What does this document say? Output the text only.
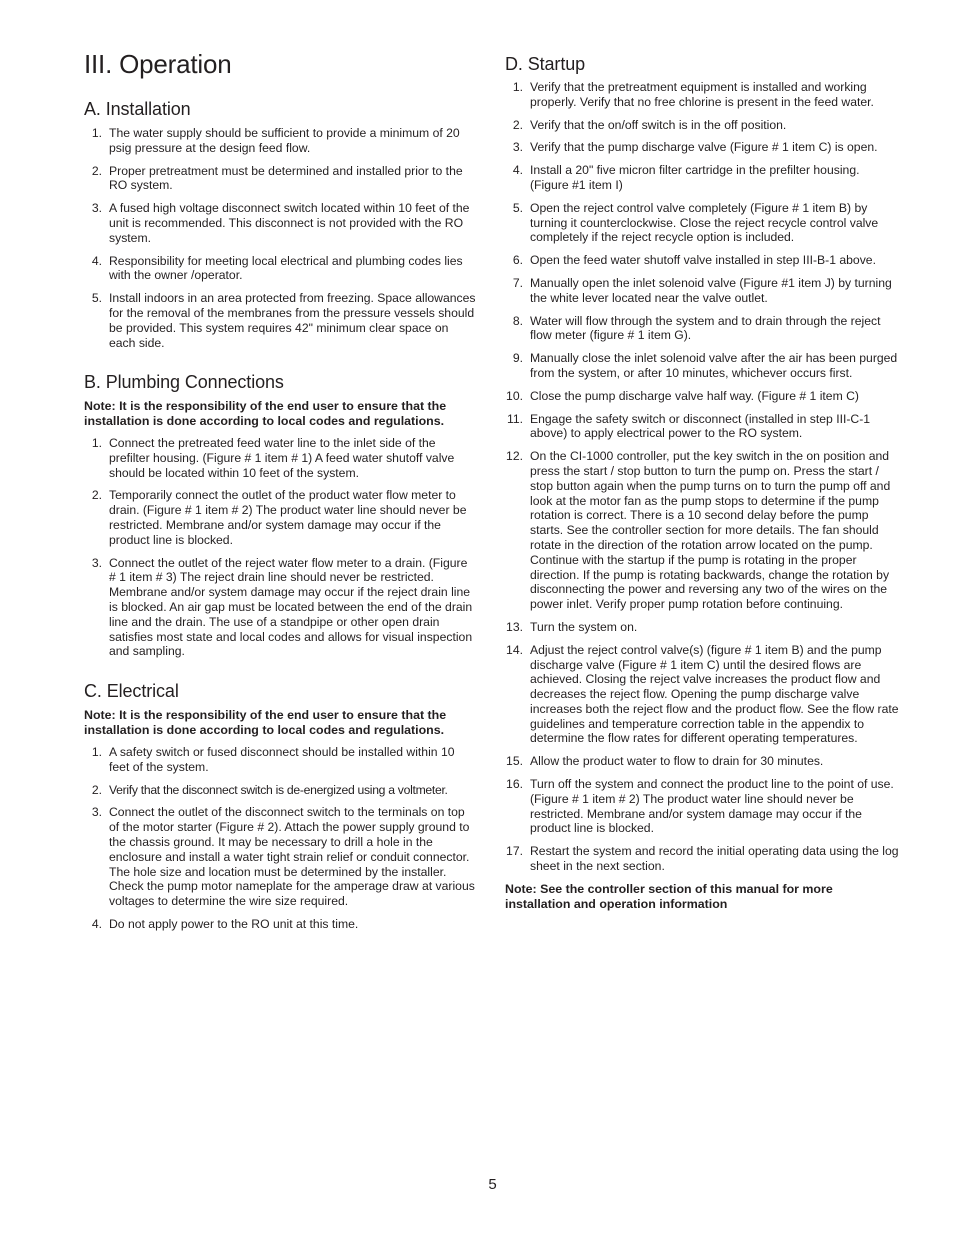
III. Operation
A. Installation
1. The water supply should be sufficient to provide a minimum of 20 psig pressure at the design feed flow.
2. Proper pretreatment must be determined and installed prior to the RO system.
3. A fused high voltage disconnect switch located within 10 feet of the unit is recommended. This disconnect is not provided with the RO system.
4. Responsibility for meeting local electrical and plumbing codes lies with the owner /operator.
5. Install indoors in an area protected from freezing. Space allowances for the removal of the membranes from the pressure vessels should be provided. This system requires 42" minimum clear space on each side.
B. Plumbing Connections

Note: It is the responsibility of the end user to ensure that the installation is done according to local codes and regulations.

1. Connect the pretreated feed water line to the inlet side of the prefilter housing. (Figure # 1 item # 1) A feed water shutoff valve should be located within 10 feet of the system.
2. Temporarily connect the outlet of the product water flow meter to drain. (Figure # 1 item # 2) The product water line should never be restricted. Membrane and/or system damage may occur if the product line is blocked.
3. Connect the outlet of the reject water flow meter to a drain. (Figure # 1 item # 3) The reject drain line should never be restricted. Membrane and/or system damage may occur if the reject drain line is blocked. An air gap must be located between the end of the drain line and the drain. The use of a standpipe or other open drain satisfies most state and local codes and allows for visual inspection and sampling.
C. Electrical

Note: It is the responsibility of the end user to ensure that the installation is done according to local codes and regulations.

1. A safety switch or fused disconnect should be installed within 10 feet of the system.
2. Verify that the disconnect switch is de-energized using a voltmeter.
3. Connect the outlet of the disconnect switch to the terminals on top of the motor starter (Figure # 2). Attach the power supply ground to the chassis ground. It may be necessary to drill a hole in the enclosure and install a water tight strain relief or conduit connector. The hole size and location must be determined by the installer. Check the pump motor nameplate for the amperage draw at various voltages to determine the wire size required.
4. Do not apply power to the RO unit at this time.
D. Startup
1. Verify that the pretreatment equipment is installed and working properly. Verify that no free chlorine is present in the feed water.
2. Verify that the on/off switch is in the off position.
3. Verify that the pump discharge valve (Figure # 1 item C) is open.
4. Install a 20" five micron filter cartridge in the prefilter housing. (Figure #1 item I)
5. Open the reject control valve completely (Figure # 1 item B) by turning it counterclockwise. Close the reject recycle control valve completely if the reject recycle option is included.
6. Open the feed water shutoff valve installed in step III-B-1 above.
7. Manually open the inlet solenoid valve (Figure #1 item J) by turning the white lever located near the valve outlet.
8. Water will flow through the system and to drain through the reject flow meter (figure # 1 item G).
9. Manually close the inlet solenoid valve after the air has been purged from the system, or after 10 minutes, whichever occurs first.
10. Close the pump discharge valve half way. (Figure # 1 item C)
11. Engage the safety switch or disconnect (installed in step III-C-1 above) to apply electrical power to the RO system.
12. On the CI-1000 controller, put the key switch in the on position and press the start / stop button to turn the pump on. Press the start / stop button again when the pump turns on to turn the pump off and look at the motor fan as the pump stops to determine if the pump rotation is correct. There is a 10 second delay before the pump starts. See the controller section for more details. The fan should rotate in the direction of the rotation arrow located on the pump. Continue with the startup if the pump is rotating in the proper direction. If the pump is rotating backwards, change the rotation by disconnecting the power and reversing any two of the wires on the power inlet. Verify proper pump rotation before continuing.
13. Turn the system on.
14. Adjust the reject control valve(s) (figure # 1 item B) and the pump discharge valve (Figure # 1 item C) until the desired flows are achieved. Closing the reject valve increases the product flow and decreases the reject flow. Opening the pump discharge valve increases both the reject flow and the product flow. See the flow rate guidelines and temperature correction table in the appendix to determine the flow rates for different operating temperatures.
15. Allow the product water to flow to drain for 30 minutes.
16. Turn off the system and connect the product line to the point of use. (Figure # 1 item # 2) The product water line should never be restricted. Membrane and/or system damage may occur if the product line is blocked.
17. Restart the system and record the initial operating data using the log sheet in the next section.

Note: See the controller section of this manual for more installation and operation information

5
